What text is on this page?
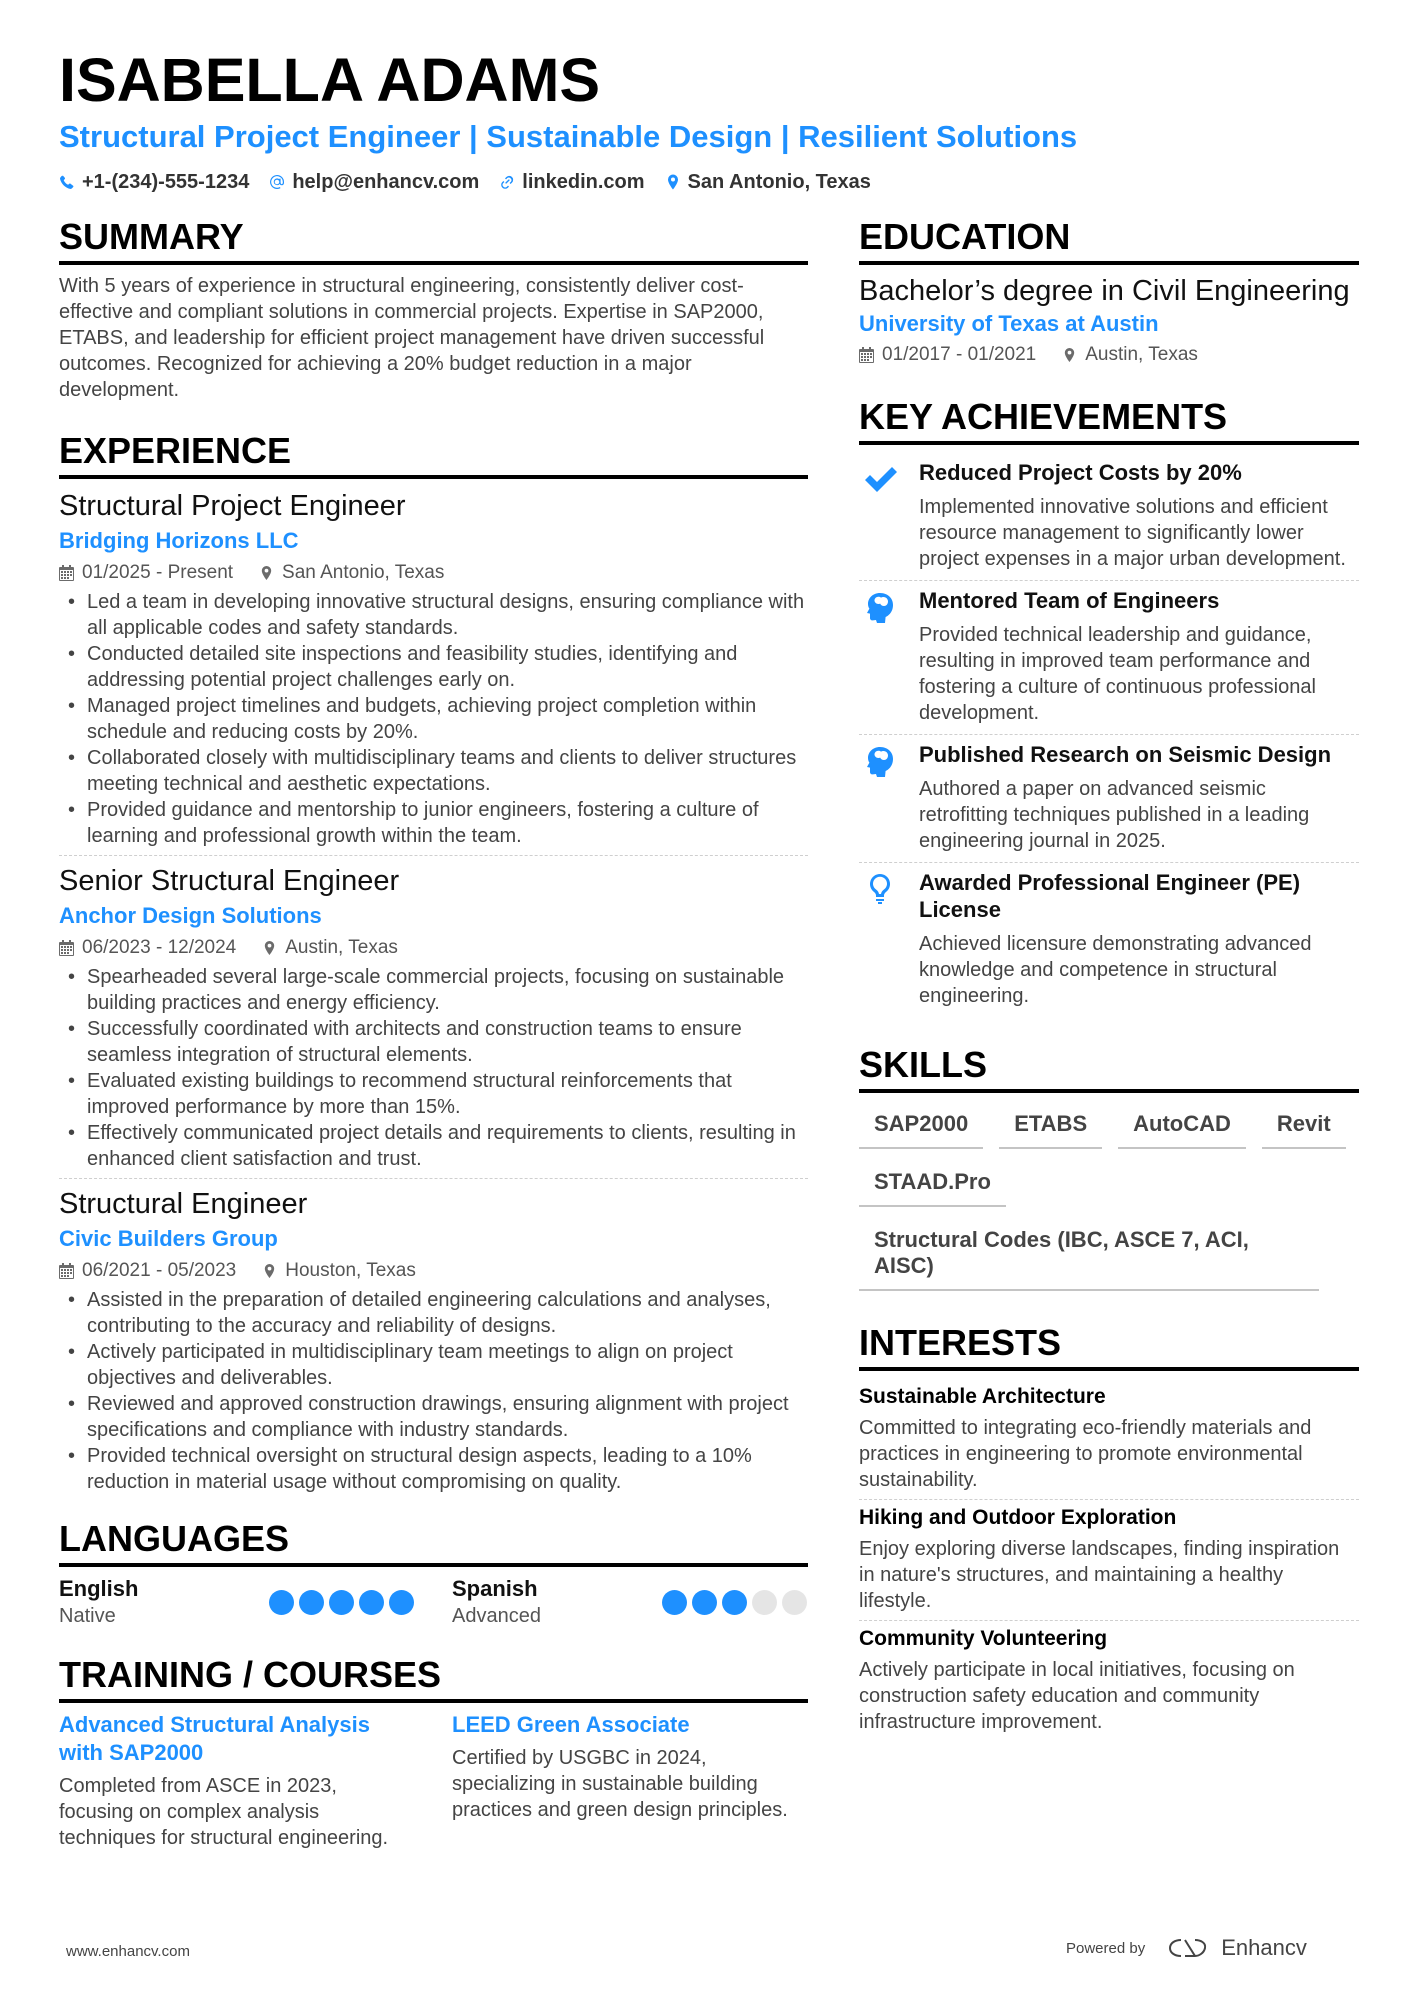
ISABELLA ADAMS
Structural Project Engineer | Sustainable Design | Resilient Solutions
+1-(234)-555-1234 help@enhancv.com linkedin.com San Antonio, Texas
SUMMARY

With 5 years of experience in structural engineering, consistently deliver cost-effective and compliant solutions in commercial projects. Expertise in SAP2000, ETABS, and leadership for efficient project management have driven successful outcomes. Recognized for achieving a 20% budget reduction in a major development.

EXPERIENCE
Structural Project Engineer
Bridging Horizons LLC
01/2025 - Present	San Antonio, Texas
• Led a team in developing innovative structural designs, ensuring compliance with all applicable codes and safety standards.
• Conducted detailed site inspections and feasibility studies, identifying and addressing potential project challenges early on.
• Managed project timelines and budgets, achieving project completion within schedule and reducing costs by 20%.
• Collaborated closely with multidisciplinary teams and clients to deliver structures meeting technical and aesthetic expectations.
• Provided guidance and mentorship to junior engineers, fostering a culture of learning and professional growth within the team.
Senior Structural Engineer
Anchor Design Solutions
06/2023 - 12/2024	Austin, Texas
• Spearheaded several large-scale commercial projects, focusing on sustainable building practices and energy efficiency.
• Successfully coordinated with architects and construction teams to ensure seamless integration of structural elements.
• Evaluated existing buildings to recommend structural reinforcements that improved performance by more than 15%.
• Effectively communicated project details and requirements to clients, resulting in enhanced client satisfaction and trust.
Structural Engineer
Civic Builders Group
06/2021 - 05/2023	Houston, Texas
• Assisted in the preparation of detailed engineering calculations and analyses, contributing to the accuracy and reliability of designs.
• Actively participated in multidisciplinary team meetings to align on project objectives and deliverables.
• Reviewed and approved construction drawings, ensuring alignment with project specifications and compliance with industry standards.
• Provided technical oversight on structural design aspects, leading to a 10% reduction in material usage without compromising on quality.
LANGUAGES
English
Native
Spanish
Advanced
TRAINING / COURSES
Advanced Structural Analysis with SAP2000

Completed from ASCE in 2023, focusing on complex analysis techniques for structural engineering.

LEED Green Associate

Certified by USGBC in 2024, specializing in sustainable building practices and green design principles.

EDUCATION
Bachelor’s degree in Civil Engineering
University of Texas at Austin
01/2017 - 01/2021	Austin, Texas
KEY ACHIEVEMENTS
Reduced Project Costs by 20%

Implemented innovative solutions and efficient resource management to significantly lower project expenses in a major urban development.

Mentored Team of Engineers

Provided technical leadership and guidance, resulting in improved team performance and fostering a culture of continuous professional development.

Published Research on Seismic Design

Authored a paper on advanced seismic retrofitting techniques published in a leading engineering journal in 2025.

Awarded Professional Engineer (PE) License

Achieved licensure demonstrating advanced knowledge and competence in structural engineering.

SKILLS
SAP2000	ETABS	AutoCAD	Revit
STAAD.Pro
Structural Codes (IBC, ASCE 7, ACI, AISC)
INTERESTS
Sustainable Architecture

Committed to integrating eco-friendly materials and practices in engineering to promote environmental sustainability.

Hiking and Outdoor Exploration

Enjoy exploring diverse landscapes, finding inspiration in nature's structures, and maintaining a healthy lifestyle.

Community Volunteering

Actively participate in local initiatives, focusing on construction safety education and community infrastructure improvement.

www.enhancv.com	Powered by	Enhancv
